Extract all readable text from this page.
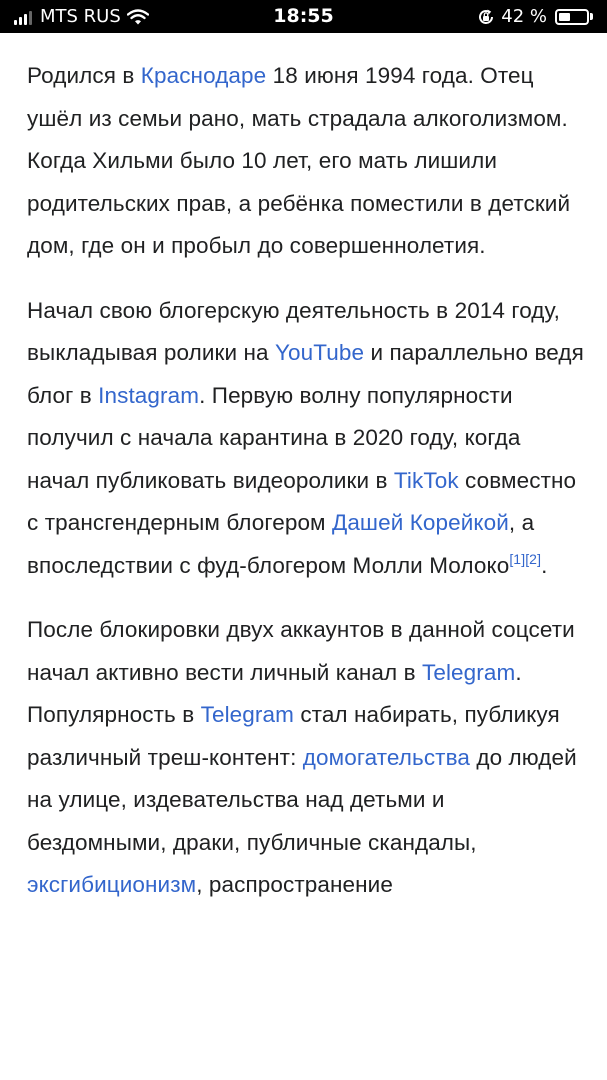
MTS RUS	18:55	42 %

Родился в Краснодаре 18 июня 1994 года. Отец ушёл из семьи рано, мать страдала алкоголизмом. Когда Хильми было 10 лет, его мать лишили родительских прав, а ребёнка поместили в детский дом, где он и пробыл до совершеннолетия.

Начал свою блогерскую деятельность в 2014 году, выкладывая ролики на YouTube и параллельно ведя блог в Instagram. Первую волну популярности получил с начала карантина в 2020 году, когда начал публиковать видеоролики в TikTok совместно с трансгендерным блогером Дашей Корейкой, а впоследствии с фуд-блогером Молли Молоко[1][2].

После блокировки двух аккаунтов в данной соцсети начал активно вести личный канал в Telegram. Популярность в Telegram стал набирать, публикуя различный треш-контент: домогательства до людей на улице, издевательства над детьми и бездомными, драки, публичные скандалы, эксгибиционизм, распространение
